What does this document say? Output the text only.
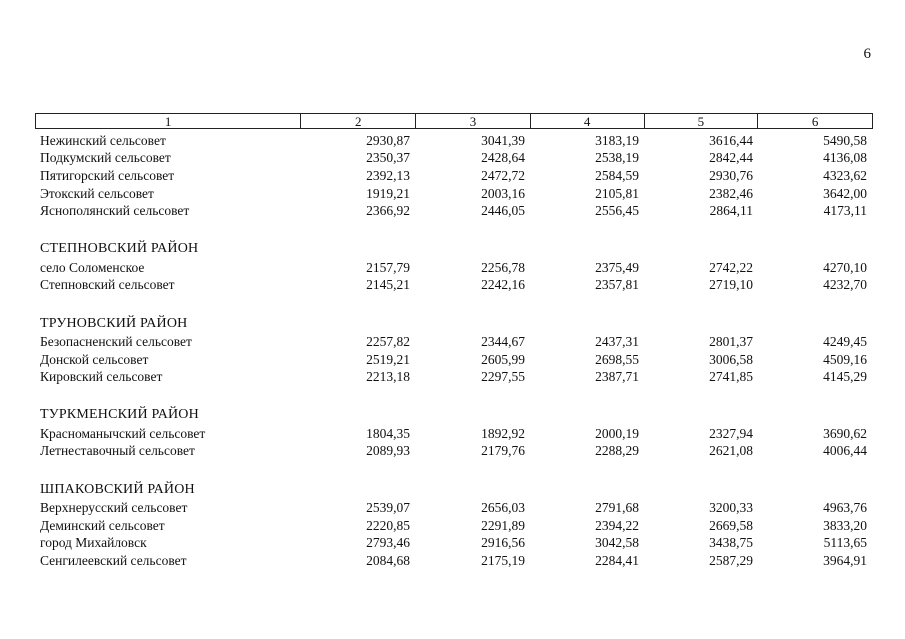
6
1	2	3	4	5	6
Нежинский сельсовет	2930,87	3041,39	3183,19	3616,44	5490,58
Подкумский сельсовет	2350,37	2428,64	2538,19	2842,44	4136,08
Пятигорский сельсовет	2392,13	2472,72	2584,59	2930,76	4323,62
Этокский сельсовет	1919,21	2003,16	2105,81	2382,46	3642,00
Яснополянский сельсовет	2366,92	2446,05	2556,45	2864,11	4173,11
СТЕПНОВСКИЙ РАЙОН
село Соломенское	2157,79	2256,78	2375,49	2742,22	4270,10
Степновский сельсовет	2145,21	2242,16	2357,81	2719,10	4232,70
ТРУНОВСКИЙ РАЙОН
Безопасненский сельсовет	2257,82	2344,67	2437,31	2801,37	4249,45
Донской сельсовет	2519,21	2605,99	2698,55	3006,58	4509,16
Кировский сельсовет	2213,18	2297,55	2387,71	2741,85	4145,29
ТУРКМЕНСКИЙ РАЙОН
Красноманычский сельсовет	1804,35	1892,92	2000,19	2327,94	3690,62
Летнеставочный сельсовет	2089,93	2179,76	2288,29	2621,08	4006,44
ШПАКОВСКИЙ РАЙОН
Верхнерусский сельсовет	2539,07	2656,03	2791,68	3200,33	4963,76
Деминский сельсовет	2220,85	2291,89	2394,22	2669,58	3833,20
город Михайловск	2793,46	2916,56	3042,58	3438,75	5113,65
Сенгилеевский сельсовет	2084,68	2175,19	2284,41	2587,29	3964,91
